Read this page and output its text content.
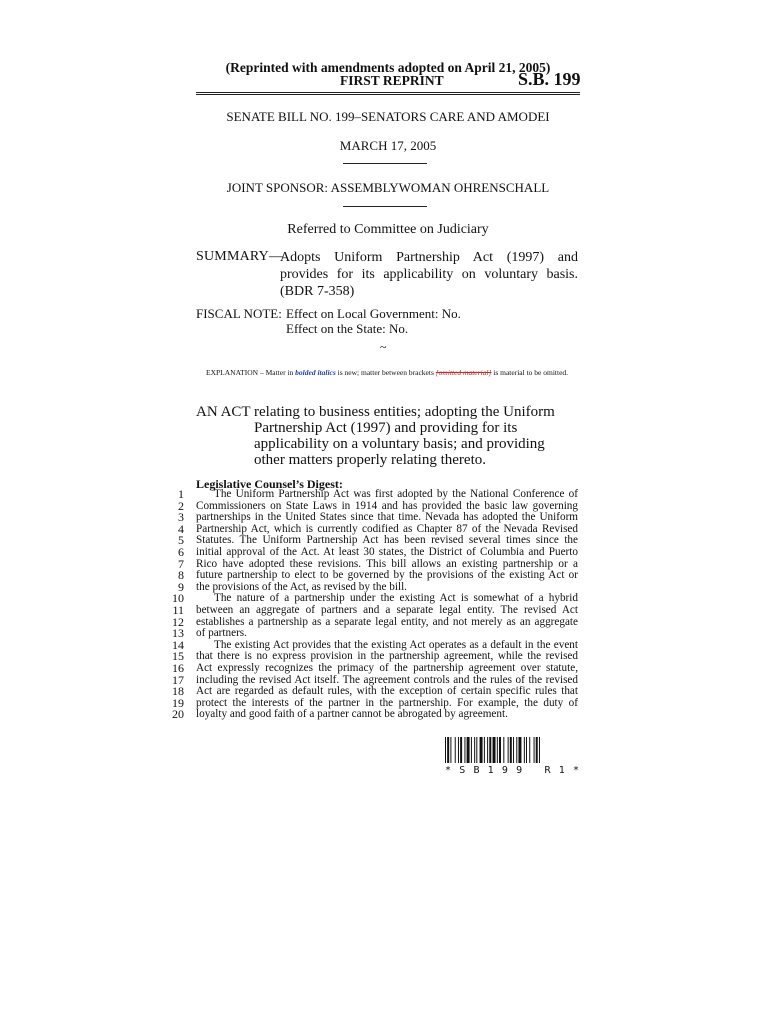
(Reprinted with amendments adopted on April 21, 2005)
FIRST REPRINT	S.B. 199
SENATE BILL NO. 199–SENATORS CARE AND AMODEI
MARCH 17, 2005
JOINT SPONSOR: ASSEMBLYWOMAN OHRENSCHALL
Referred to Committee on Judiciary
SUMMARY—
Adopts Uniform Partnership Act (1997) and provides for its applicability on voluntary basis. (BDR 7-358)
FISCAL NOTE: Effect on Local Government: No.
Effect on the State: No.
~
EXPLANATION – Matter in bolded italics is new; matter between brackets [omitted material] is material to be omitted.
AN ACT relating to business entities; adopting the Uniform Partnership Act (1997) and providing for its applicability on a voluntary basis; and providing other matters properly relating thereto.
Legislative Counsel’s Digest:
1
2
3
4
5
6
7
8
9
10
11
12
13
14
15
16
17
18
19
20
The Uniform Partnership Act was first adopted by the National Conference of
Commissioners on State Laws in 1914 and has provided the basic law governing
partnerships in the United States since that time. Nevada has adopted the Uniform
Partnership Act, which is currently codified as Chapter 87 of the Nevada Revised
Statutes. The Uniform Partnership Act has been revised several times since the
initial approval of the Act. At least 30 states, the District of Columbia and Puerto
Rico have adopted these revisions. This bill allows an existing partnership or a
future partnership to elect to be governed by the provisions of the existing Act or
the provisions of the Act, as revised by the bill.
The nature of a partnership under the existing Act is somewhat of a hybrid
between an aggregate of partners and a separate legal entity. The revised Act
establishes a partnership as a separate legal entity, and not merely as an aggregate
of partners.
The existing Act provides that the existing Act operates as a default in the event
that there is no express provision in the partnership agreement, while the revised
Act expressly recognizes the primacy of the partnership agreement over statute,
including the revised Act itself. The agreement controls and the rules of the revised
Act are regarded as default rules, with the exception of certain specific rules that
protect the interests of the partner in the partnership. For example, the duty of
loyalty and good faith of a partner cannot be abrogated by agreement.
* S B 1 9 9
R 1 *
